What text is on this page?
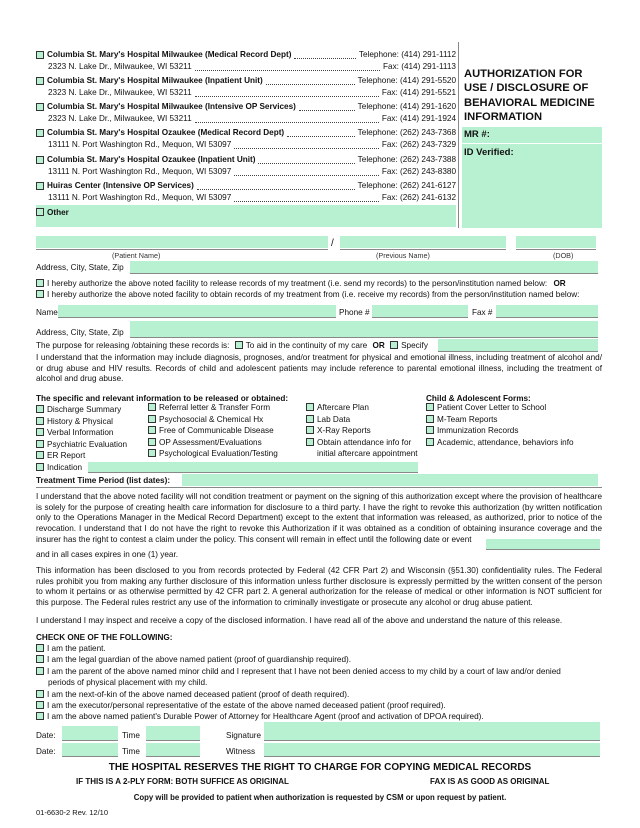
AUTHORIZATION FOR
USE / DISCLOSURE OF
BEHAVIORAL MEDICINE
INFORMATION
MR #:
ID Verified:
Columbia St. Mary's Hospital Milwaukee (Medical Record Dept)	Telephone: (414) 291-1112
2323 N. Lake Dr., Milwaukee, WI 53211	Fax: (414) 291-1113
Columbia St. Mary's Hospital Milwaukee (Inpatient Unit)	Telephone: (414) 291-5520
2323 N. Lake Dr., Milwaukee, WI 53211	Fax: (414) 291-5521
Columbia St. Mary's Hospital Milwaukee (Intensive OP Services)	Telephone: (414) 291-1620
2323 N. Lake Dr., Milwaukee, WI 53211	Fax: (414) 291-1924
Columbia St. Mary's Hospital Ozaukee (Medical Record Dept)	Telephone: (262) 243-7368
13111 N. Port Washington Rd., Mequon, WI 53097	Fax: (262) 243-7329
Columbia St. Mary's Hospital Ozaukee (Inpatient Unit)	Telephone: (262) 243-7388
13111 N. Port Washington Rd., Mequon, WI 53097	Fax: (262) 243-8380
Huiras Center (Intensive OP Services)	Telephone: (262) 241-6127
13111 N. Port Washington Rd., Mequon, WI 53097	Fax: (262) 241-6132
Other
/
(Patient Name)	(Previous Name)	(DOB)
Address, City, State, Zip
I hereby authorize the above noted facility to release records of my treatment (i.e. send my records) to the person/institution named below: OR
I hereby authorize the above noted facility to obtain records of my treatment from (i.e. receive my records) from the person/institution named below:
Name	Phone #	Fax #
Address, City, State, Zip
The purpose for releasing /obtaining these records is: To aid in the continuity of my care OR Specify
I understand that the information may include diagnosis, prognoses, and/or treatment for physical and emotional illness, including treatment of alcohol and/ or drug abuse and HIV results. Records of child and adolescent patients may include reference to parental emotional illness, including the treatment of alcohol and drug abuse.
The specific and relevant information to be released or obtained:	Child & Adolescent Forms:
Discharge Summary
History & Physical
Verbal Information
Psychiatric Evaluation
ER Report
Indication
Referral letter & Transfer Form
Psychosocial & Chemical Hx
Free of Communicable Disease
OP Assessment/Evaluations
Psychological Evaluation/Testing
Aftercare Plan
Lab Data
X-Ray Reports
Obtain attendance info for
initial aftercare appointment
Patient Cover Letter to School
M-Team Reports
Immunization Records
Academic, attendance, behaviors info
Treatment Time Period (list dates):
I understand that the above noted facility will not condition treatment or payment on the signing of this authorization except where the provision of healthcare is solely for the purpose of creating health care information for disclosure to a third party. I have the right to revoke this authorization (by written notification only to the Operations Manager in the Medical Record Department) except to the extent that information was released, as authorized, prior to notice of the revocation. I understand that I do not have the right to revoke this Authorization if it was obtained as a condition of obtaining insurance coverage and the insurer has the right to contest a claim under the policy. This consent will remain in effect until the following date or event
and in all cases expires in one (1) year.
This information has been disclosed to you from records protected by Federal (42 CFR Part 2) and Wisconsin (§51.30) confidentiality rules. The Federal rules prohibit you from making any further disclosure of this information unless further disclosure is expressly permitted by the written consent of the person to whom it pertains or as otherwise permitted by 42 CFR part 2. A general authorization for the release of medical or other information is NOT sufficient for this purpose. The Federal rules restrict any use of the information to criminally investigate or prosecute any alcohol or drug abuse patient.
I understand I may inspect and receive a copy of the disclosed information. I have read all of the above and understand the nature of this release.
CHECK ONE OF THE FOLLOWING:
I am the patient.
I am the legal guardian of the above named patient (proof of guardianship required).
I am the parent of the above named minor child and I represent that I have not been denied access to my child by a court of law and/or denied
periods of physical placement with my child.
I am the next-of-kin of the above named deceased patient (proof of death required).
I am the executor/personal representative of the estate of the above named deceased patient (proof required).
I am the above named patient's Durable Power of Attorney for Healthcare Agent (proof and activation of DPOA required).
Date:	Time	Signature
Date:	Time	Witness
THE HOSPITAL RESERVES THE RIGHT TO CHARGE FOR COPYING MEDICAL RECORDS
IF THIS IS A 2-PLY FORM: BOTH SUFFICE AS ORIGINAL	FAX IS AS GOOD AS ORIGINAL
Copy will be provided to patient when authorization is requested by CSM or upon request by patient.
01-6630-2 Rev. 12/10
